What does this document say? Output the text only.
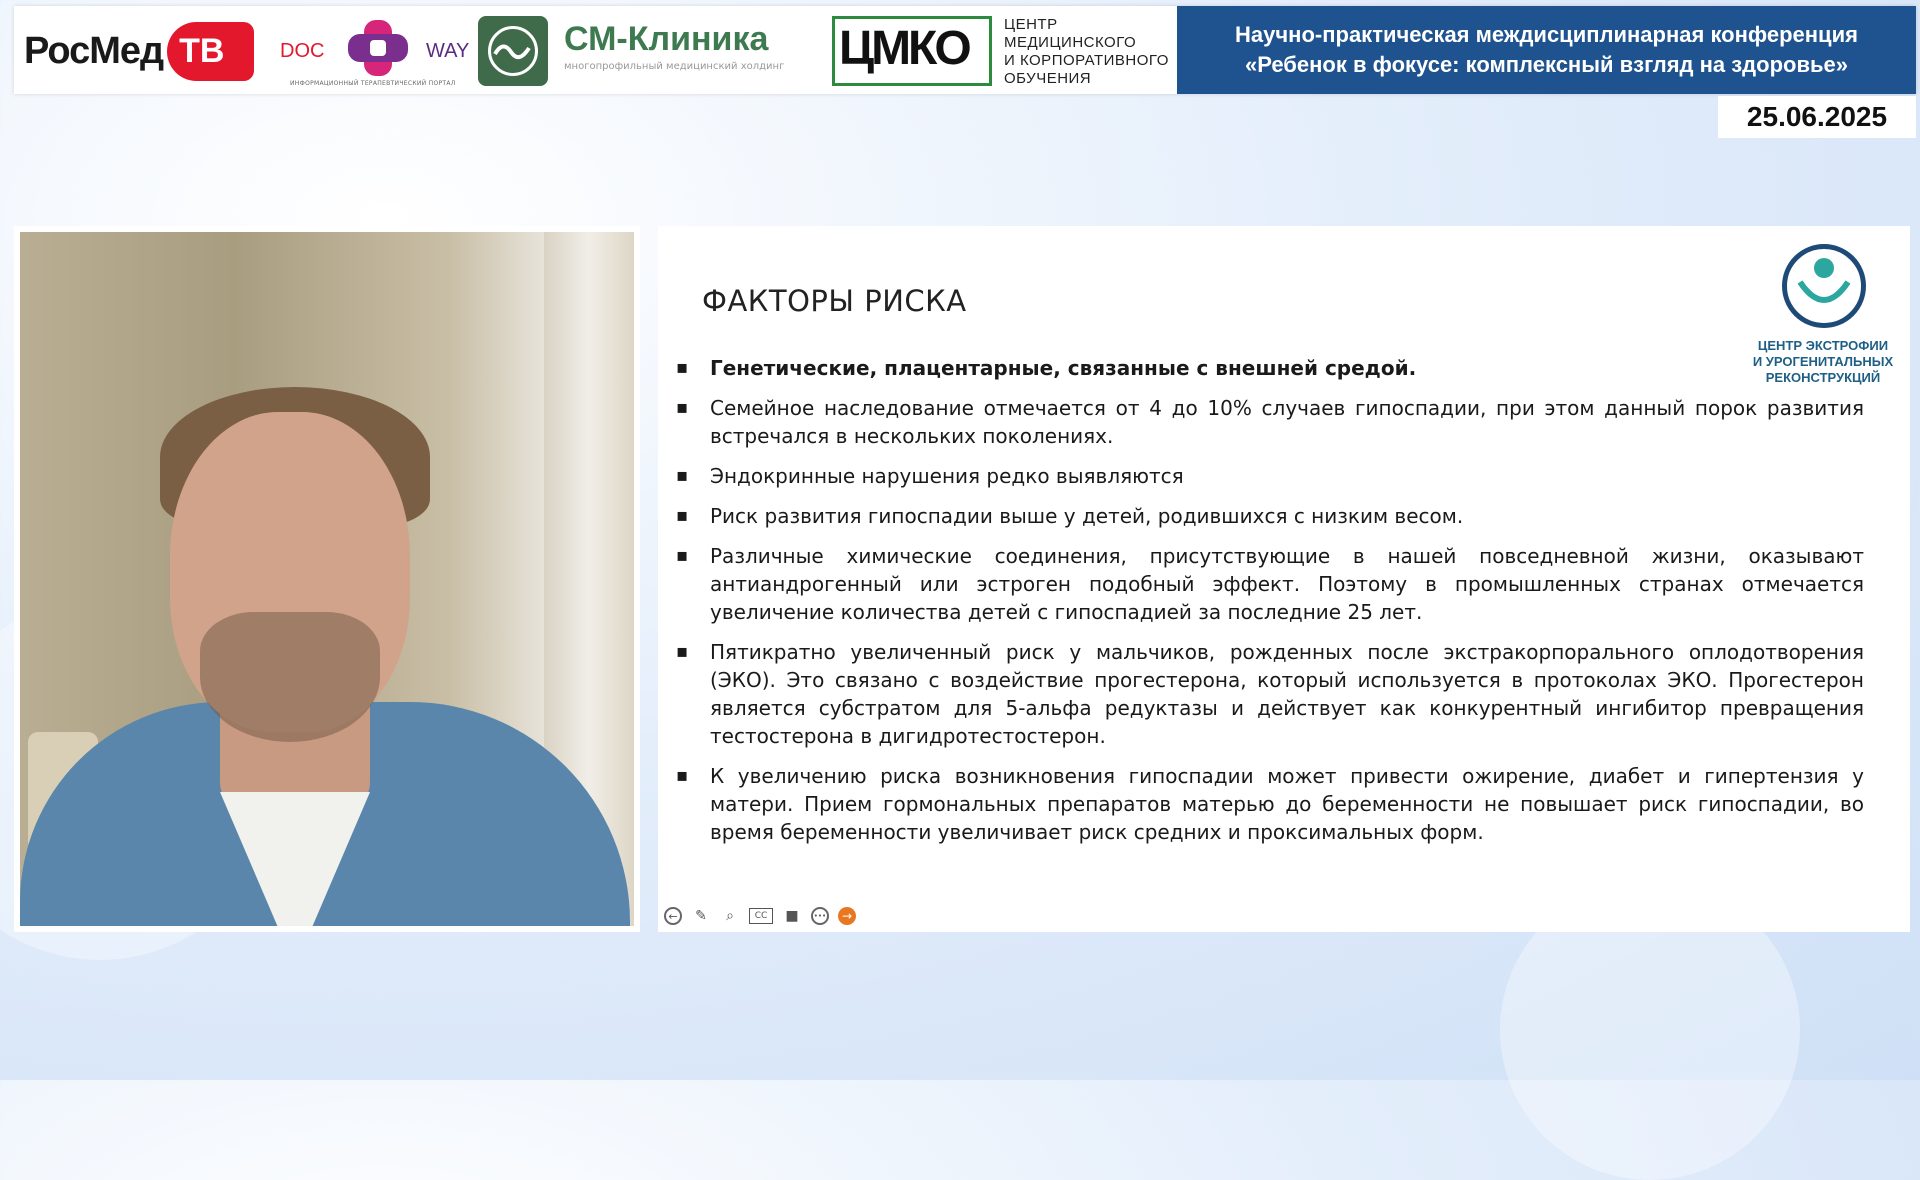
РосМед ТВ	DOC	WAY
ИНФОРМАЦИОННЫЙ ТЕРАПЕВТИЧЕСКИЙ ПОРТАЛ
СМ-Клиника
многопрофильный медицинский холдинг ЦМКО ЦЕНТР
МЕДИЦИНСКОГО
И КОРПОРАТИВНОГО
ОБУЧЕНИЯ
Научно-практическая междисциплинарная конференция
«Ребенок в фокусе: комплексный взгляд на здоровье»
25.06.2025
ФАКТОРЫ РИСКА
ЦЕНТР ЭКСТРОФИИ
И УРОГЕНИТАЛЬНЫХ
РЕКОНСТРУКЦИЙ
▪ Генетические, плацентарные, связанные с внешней средой.
▪ Семейное наследование отмечается от 4 до 10% случаев гипоспадии, при этом данный порок развития встречался в нескольких поколениях.
▪ Эндокринные нарушения редко выявляются
▪ Риск развития гипоспадии выше у детей, родившихся с низким весом.
▪ Различные химические соединения, присутствующие в нашей повседневной жизни, оказывают антиандрогенный или эстроген подобный эффект. Поэтому в промышленных странах отмечается увеличение количества детей с гипоспадией за последние 25 лет.
▪ Пятикратно увеличенный риск у мальчиков, рожденных после экстракорпорального оплодотворения (ЭКО). Это связано с воздействие прогестерона, который используется в протоколах ЭКО. Прогестерон является субстратом для 5-альфа редуктазы и действует как конкурентный ингибитор превращения тестостерона в дигидротестостерон.
▪ К увеличению риска возникновения гипоспадии может привести ожирение, диабет и гипертензия у матери. Прием гормональных препаратов матерью до беременности не повышает риск гипоспадии, во время беременности увеличивает риск средних и проксимальных форм.
←	✎	⌕	CC	■	•••	→
